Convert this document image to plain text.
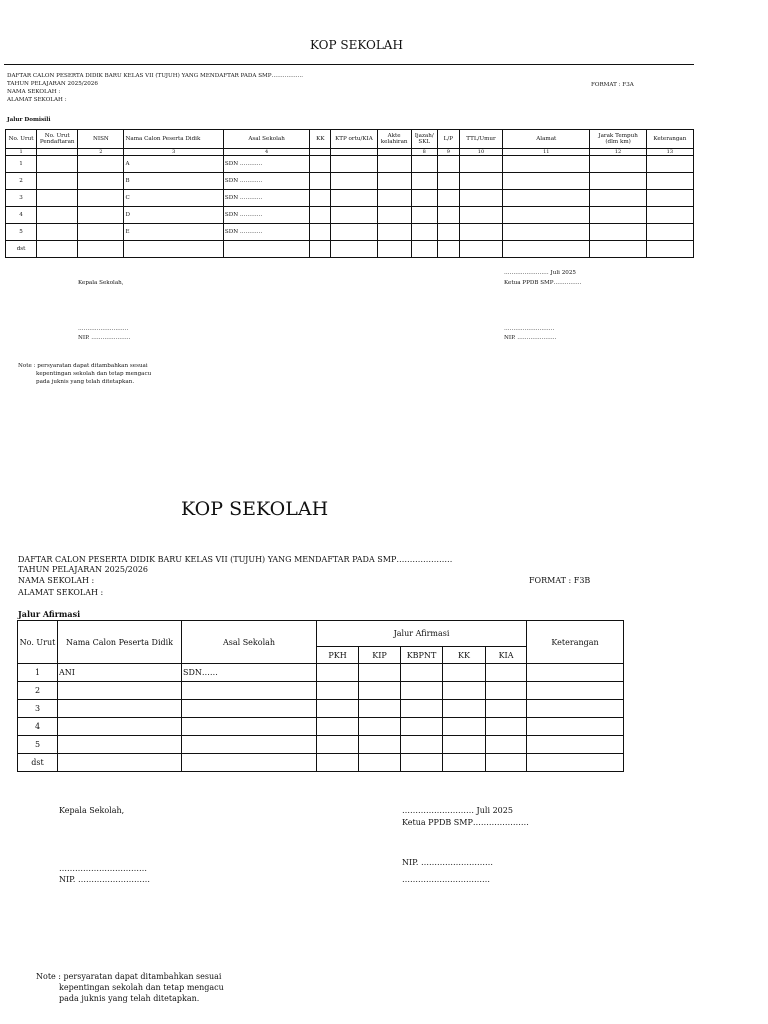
KOP SEKOLAH
DAFTAR CALON PESERTA DIDIK BARU KELAS VII (TUJUH) YANG MENDAFTAR PADA SMP……………..
TAHUN PELAJARAN 2025/2026
NAMA SEKOLAH :
ALAMAT SEKOLAH :
FORMAT : F3A
Jalur Domisili
No. Urut	No. Urut Pendaftaran	NISN	Nama Calon Peserta Didik	Asal Sekolah	KK	KTP ortu/KIA	Akte kelahiran	Ijazah/ SKL	L/P	TTL/Umur	Alamat	Jarak Tempuh (dlm km)	Keterangan
1		2	3	4				8	9	10	11	12	13
1			A	SDN …………									
2			B	SDN …………									
3			C	SDN …………									
4			D	SDN …………									
5			E	SDN …………									
dst													
Kepala Sekolah,
…………………… Juli 2025
Ketua PPDB SMP……………
………………………
NIP. …………………
………………………
NIP. …………………
Note : persyaratan dapat ditambahkan sesuai
kepentingan sekolah dan tetap mengacu
pada juknis yang telah ditetapkan.
KOP SEKOLAH
DAFTAR CALON PESERTA DIDIK BARU KELAS VII (TUJUH) YANG MENDAFTAR PADA SMP…………………
TAHUN PELAJARAN 2025/2026
NAMA SEKOLAH :
ALAMAT SEKOLAH :
FORMAT : F3B
Jalur Afirmasi
No. Urut	Nama Calon Peserta Didik	Asal Sekolah	Jalur Afirmasi					Keterangan
			PKH	KIP	KBPNT	KK	KIA	
1	ANI	SDN……						
2								
3								
4								
5								
dst								
Kepala Sekolah,	……………………… Juli 2025
Ketua PPDB SMP…………………
……………………………
NIP. ………………………	……………………………
NIP. ………………………
Note : persyaratan dapat ditambahkan sesuai
kepentingan sekolah dan tetap mengacu
pada juknis yang telah ditetapkan.
